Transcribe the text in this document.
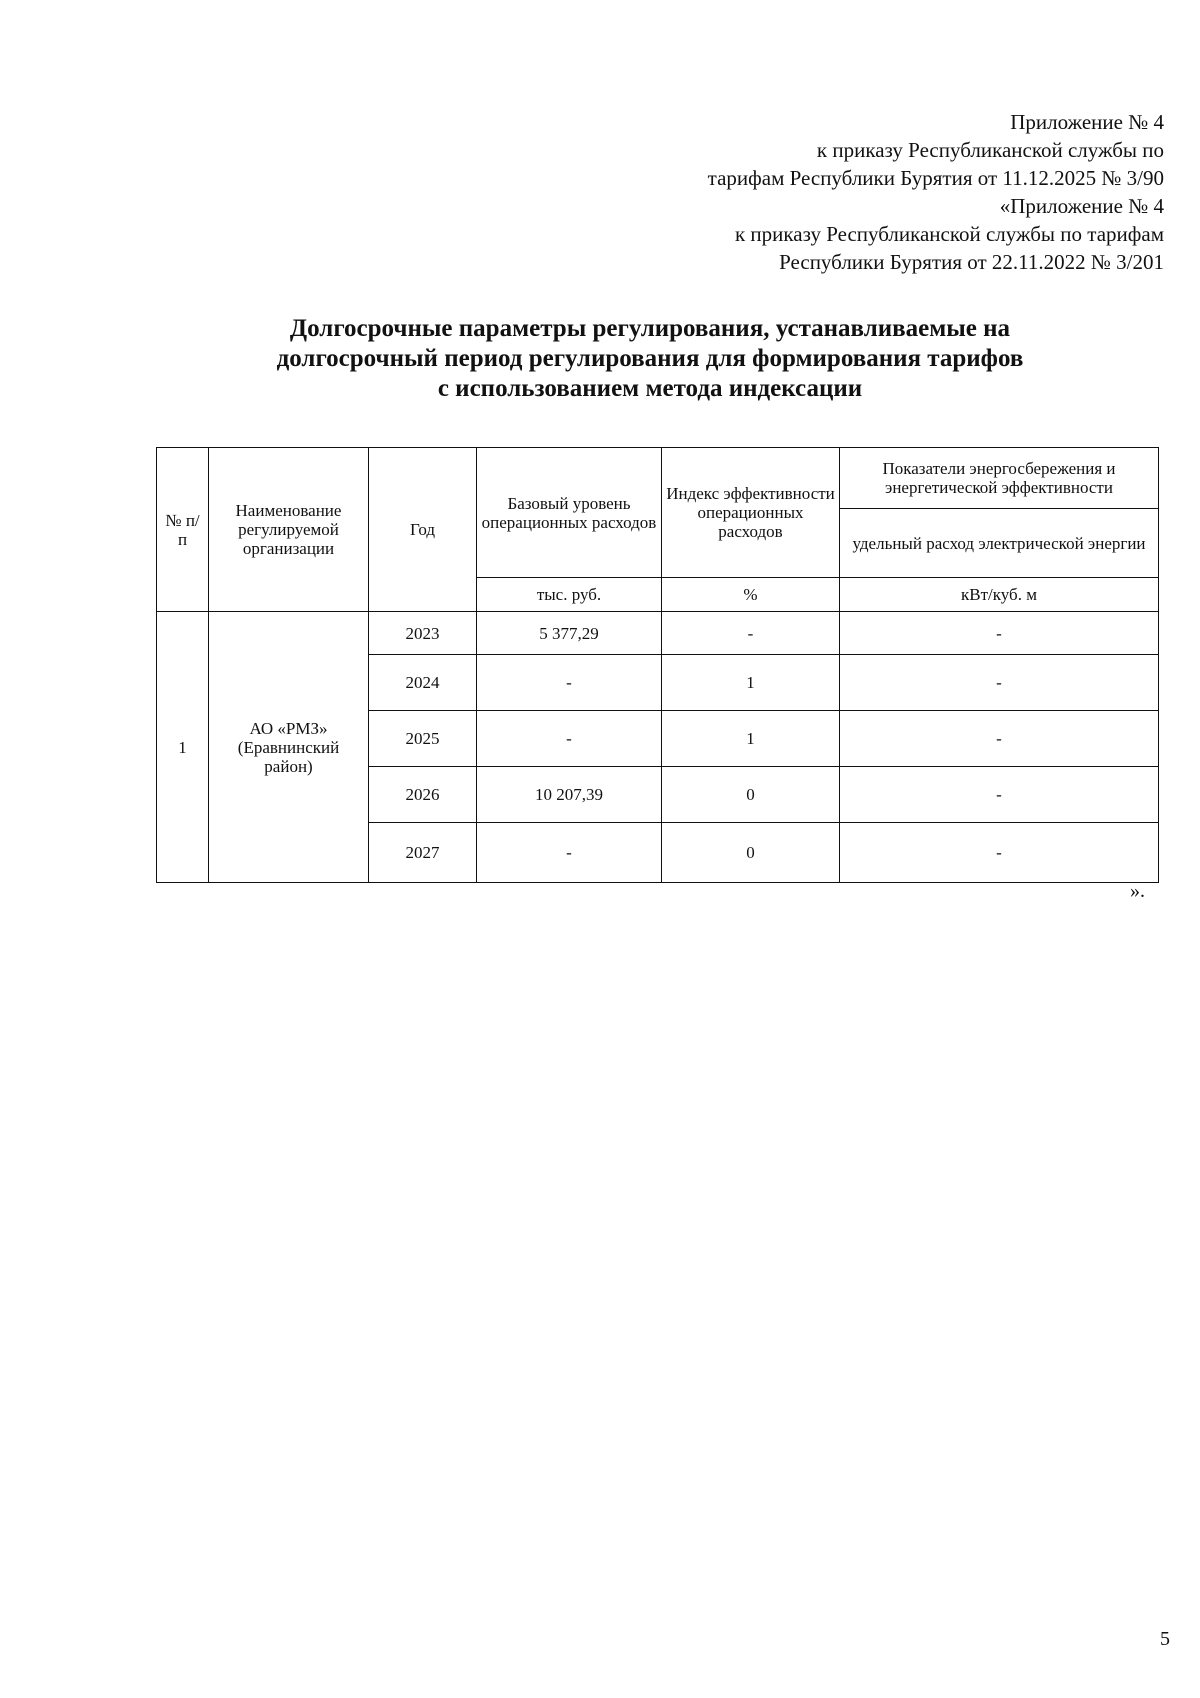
Приложение № 4
к приказу Республиканской службы по
тарифам Республики Бурятия от 11.12.2025 № 3/90
«Приложение № 4
к приказу Республиканской службы по тарифам
Республики Бурятия от 22.11.2022 № 3/201
Долгосрочные параметры регулирования, устанавливаемые на
долгосрочный период регулирования для формирования тарифов
с использованием метода индексации
№ п/п	Наименование регулируемой организации	Год	Базовый уровень операционных расходов	Индекс эффективности операционных расходов	Показатели энергосбережения и энергетической эффективности
					удельный расход электрической энергии
			тыс. руб.	%	кВт/куб. м
1	АО «РМЗ» (Еравнинский район)	2023	5 377,29	-	-
		2024	-	1	-
		2025	-	1	-
		2026	10 207,39	0	-
		2027	-	0	-
».
5
